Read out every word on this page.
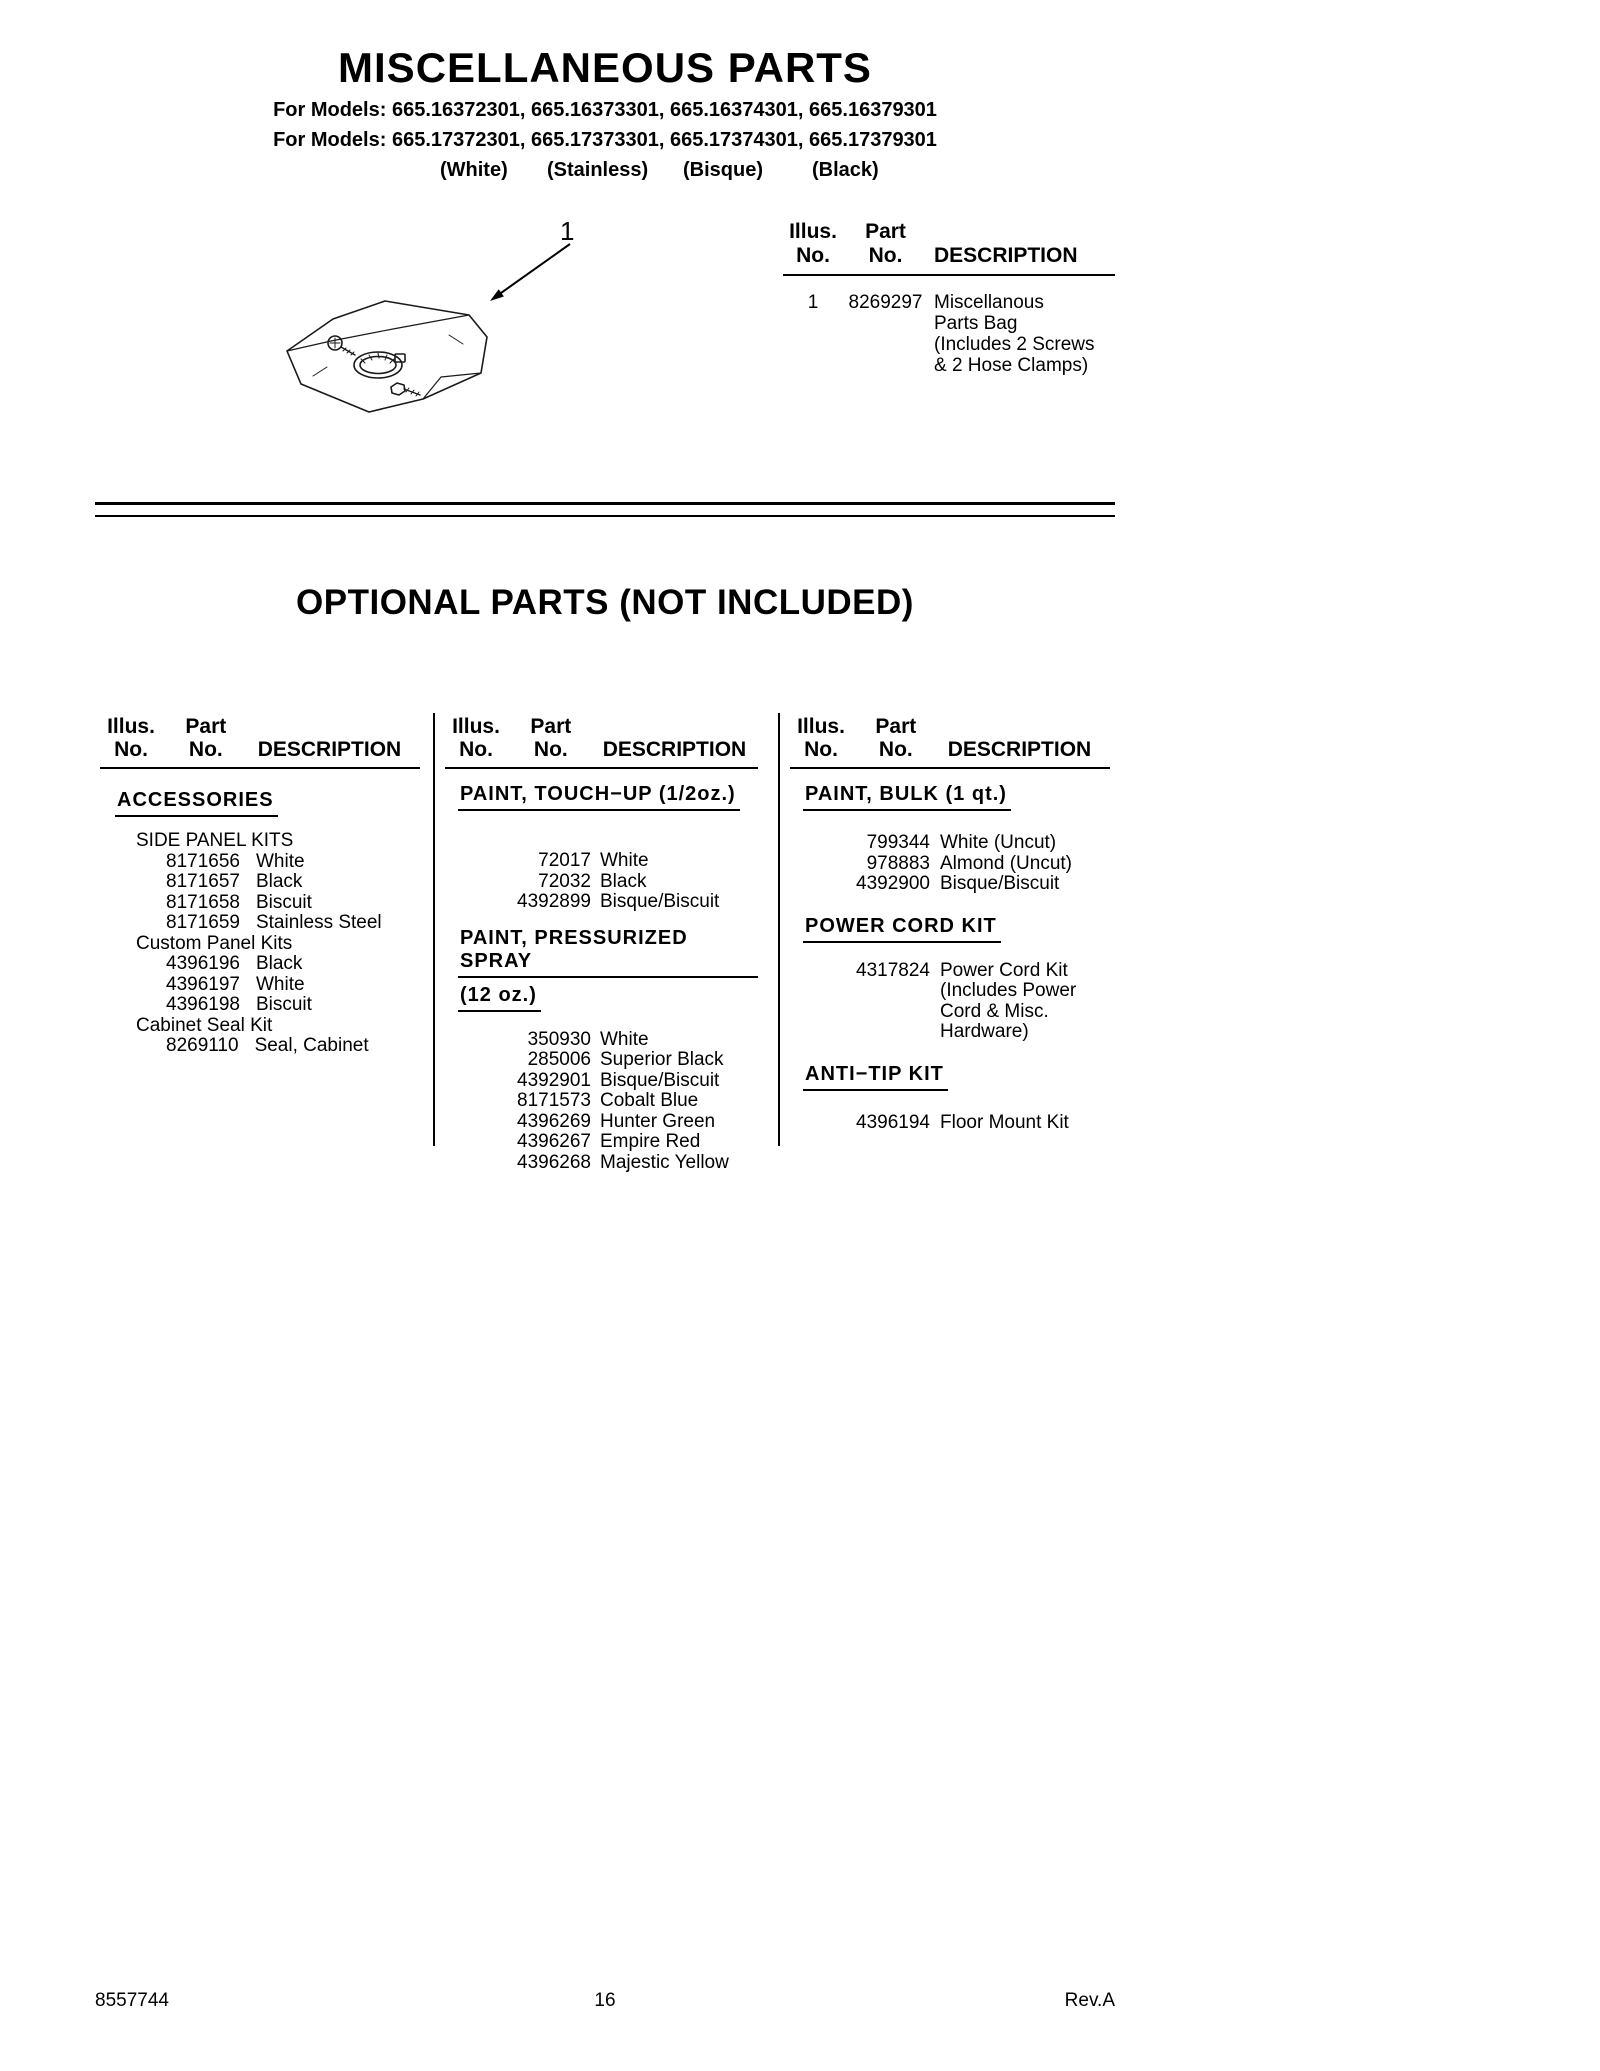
MISCELLANEOUS PARTS
For Models: 665.16372301, 665.16373301, 665.16374301, 665.16379301
For Models: 665.17372301, 665.17373301, 665.17374301, 665.17379301
(White) (Stainless) (Bisque) (Black)
1	Illus.	Part
No.	No.	DESCRIPTION
1	8269297 Miscellanous
Parts Bag
(Includes 2 Screws
& 2 Hose Clamps)
OPTIONAL PARTS (NOT INCLUDED)
Illus. Part
No. No. DESCRIPTION
ACCESSORIES
SIDE PANEL KITS
8171656 White
8171657 Black
8171658 Biscuit
8171659 Stainless Steel
Custom Panel Kits
4396196 Black
4396197 White
4396198 Biscuit
Cabinet Seal Kit
8269110 Seal, Cabinet
Illus. Part
No. No. DESCRIPTION
PAINT, TOUCH−UP (1/2oz.)
72017 White
72032 Black
4392899 Bisque/Biscuit
PAINT, PRESSURIZED SPRAY
(12 oz.)
350930 White
285006 Superior Black
4392901 Bisque/Biscuit
8171573 Cobalt Blue
4396269 Hunter Green
4396267 Empire Red
4396268 Majestic Yellow
Illus. Part
No. No. DESCRIPTION
PAINT, BULK (1 qt.)
799344 White (Uncut)
978883 Almond (Uncut)
4392900 Bisque/Biscuit
POWER CORD KIT
4317824 Power Cord Kit
(Includes Power
Cord & Misc.
Hardware)
ANTI−TIP KIT
4396194 Floor Mount Kit
8557744	16	Rev.A
